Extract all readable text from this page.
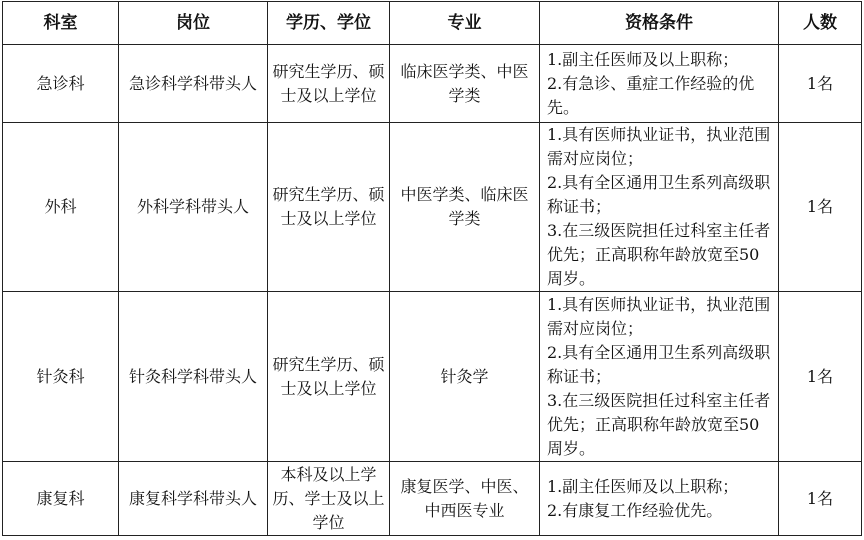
科室	岗位	学历、学位	专业	资格条件	人数
急诊科	急诊科学科带头人	研究生学历、硕士及以上学位	临床医学类、中医学类	1.副主任医师及以上职称；
2.有急诊、重症工作经验的优先。	1名
外科	外科学科带头人	研究生学历、硕士及以上学位	中医学类、临床医学类	1.具有医师执业证书，执业范围需对应岗位；
2.具有全区通用卫生系列高级职称证书；
3.在三级医院担任过科室主任者优先；正高职称年龄放宽至50周岁。	1名
针灸科	针灸科学科带头人	研究生学历、硕士及以上学位	针灸学	1.具有医师执业证书，执业范围需对应岗位；
2.具有全区通用卫生系列高级职称证书；
3.在三级医院担任过科室主任者优先；正高职称年龄放宽至50周岁。	1名
康复科	康复科学科带头人	本科及以上学历、学士及以上学位	康复医学、中医、中西医专业	1.副主任医师及以上职称；
2.有康复工作经验优先。	1名
